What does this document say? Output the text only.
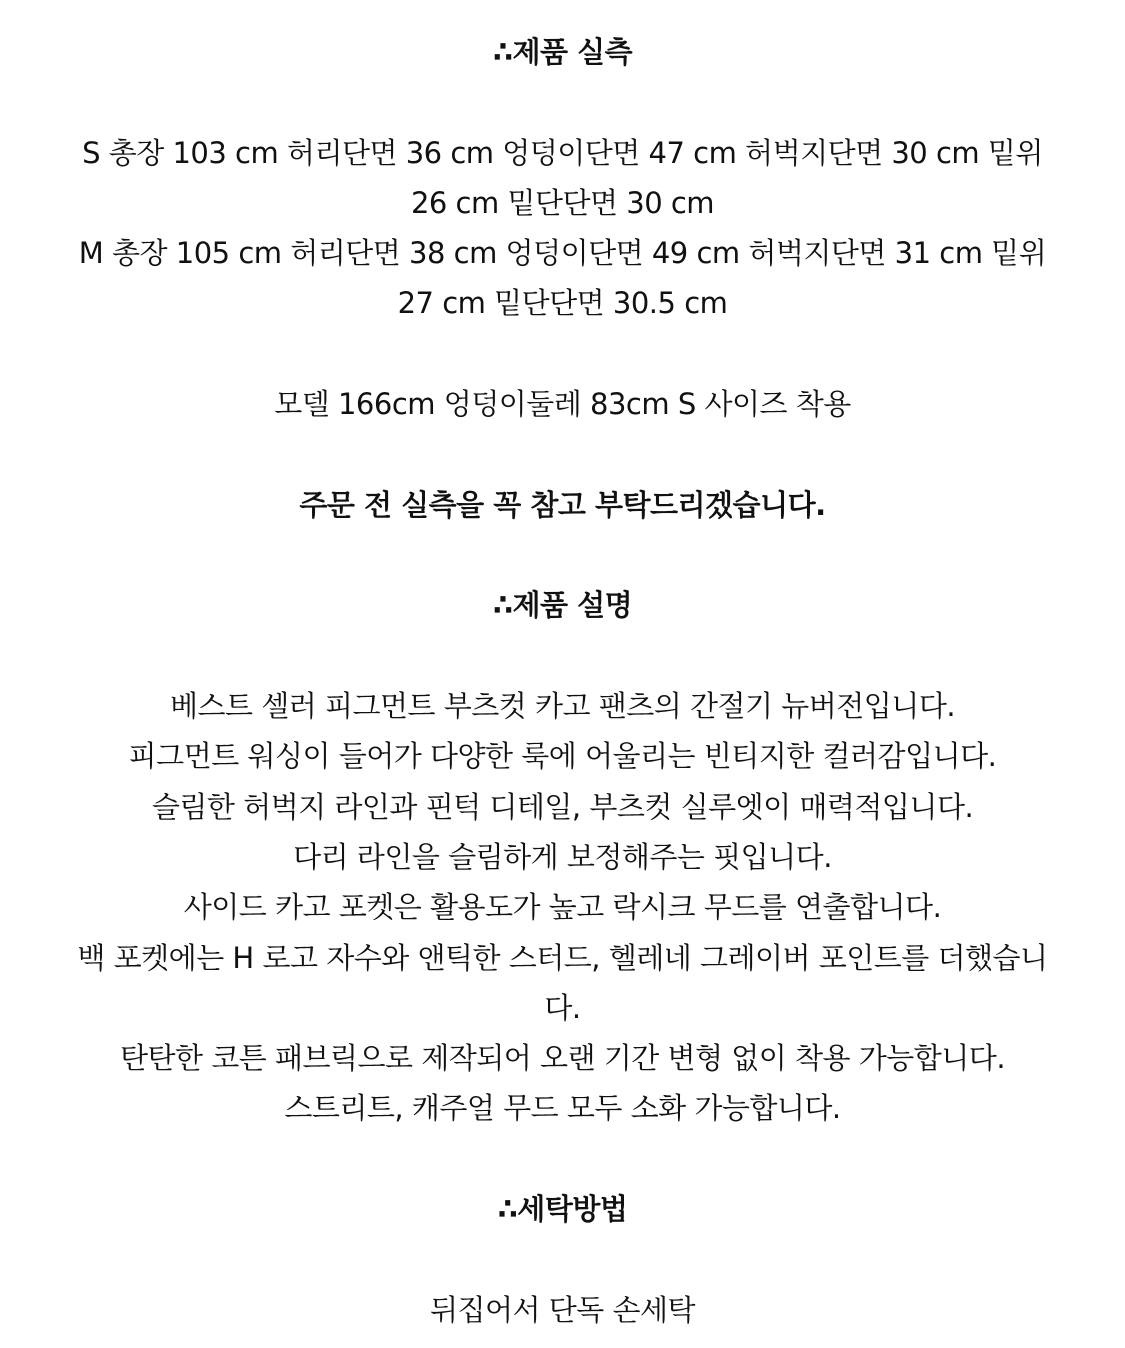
∴제품 실측
S 총장 103 cm 허리단면 36 cm 엉덩이단면 47 cm 허벅지단면 30 cm 밑위
26 cm 밑단단면 30 cm
M 총장 105 cm 허리단면 38 cm 엉덩이단면 49 cm 허벅지단면 31 cm 밑위
27 cm 밑단단면 30.5 cm
모델 166cm 엉덩이둘레 83cm S 사이즈 착용
주문 전 실측을 꼭 참고 부탁드리겠습니다.
∴제품 설명
베스트 셀러 피그먼트 부츠컷 카고 팬츠의 간절기 뉴버전입니다.
피그먼트 워싱이 들어가 다양한 룩에 어울리는 빈티지한 컬러감입니다.
슬림한 허벅지 라인과 핀턱 디테일, 부츠컷 실루엣이 매력적입니다.
다리 라인을 슬림하게 보정해주는 핏입니다.
사이드 카고 포켓은 활용도가 높고 락시크 무드를 연출합니다.
백 포켓에는 H 로고 자수와 앤틱한 스터드, 헬레네 그레이버 포인트를 더했습니
다.
탄탄한 코튼 패브릭으로 제작되어 오랜 기간 변형 없이 착용 가능합니다.
스트리트, 캐주얼 무드 모두 소화 가능합니다.
∴세탁방법
뒤집어서 단독 손세탁
